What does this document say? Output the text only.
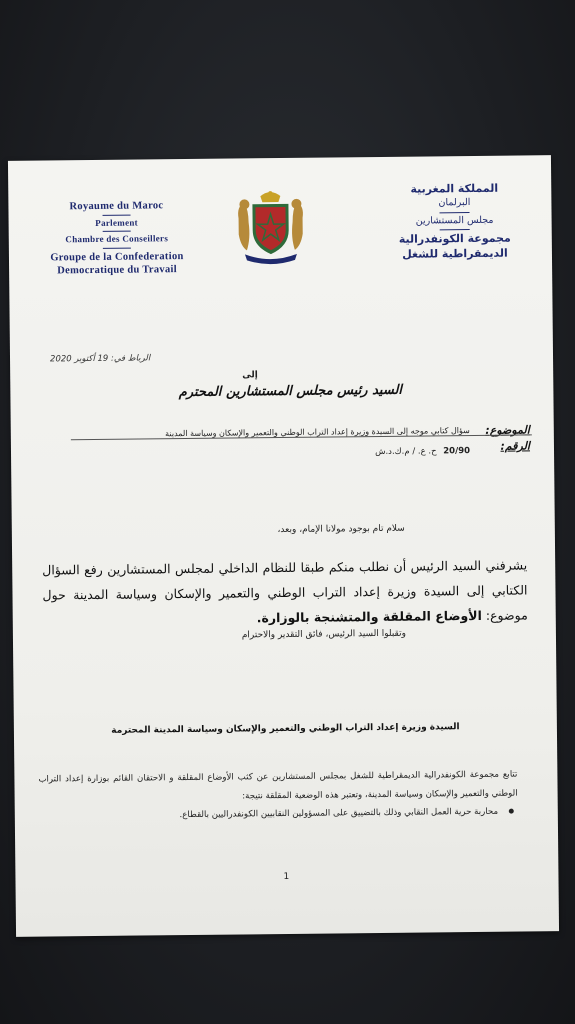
Royaume du Maroc
Parlement
Chambre des Conseillers
Groupe de la Confederation
Democratique du Travail
المملكة المغربية
البرلمان
مجلس المستشارين
مجموعة الكونفدرالية
الديمقراطية للشغل
الرباط في: 19 أكتوبر 2020
إلى
السيد رئيس مجلس المستشارين المحترم
الموضوع:
سؤال كتابي موجه إلى السيدة وزيرة إعداد التراب الوطني والتعمير والإسكان وسياسة المدينة
الرقم:
20/90 ح. ع. / م.ك.د.ش
سلام تام بوجود مولانا الإمام، وبعد،
يشرفني السيد الرئيس أن نطلب منكم طبقا للنظام الداخلي لمجلس المستشارين رفع السؤال الكتابي إلى السيدة وزيرة إعداد التراب الوطني والتعمير والإسكان وسياسة المدينة حول موضوع: الأوضاع المقلقة والمتشنجة بالوزارة.
وتقبلوا السيد الرئيس، فائق التقدير والاحترام
السيدة وزيرة إعداد التراب الوطني والتعمير والإسكان وسياسة المدينة المحترمة
تتابع مجموعة الكونفدرالية الديمقراطية للشغل بمجلس المستشارين عن كثب الأوضاع المقلقة و الاحتقان القائم بوزارة إعداد التراب الوطني والتعمير والإسكان وسياسة المدينة، وتعتبر هذه الوضعية المقلقة نتيجة:
محاربة حرية العمل النقابي وذلك بالتضييق على المسؤولين النقابيين الكونفدراليين بالقطاع.
1
